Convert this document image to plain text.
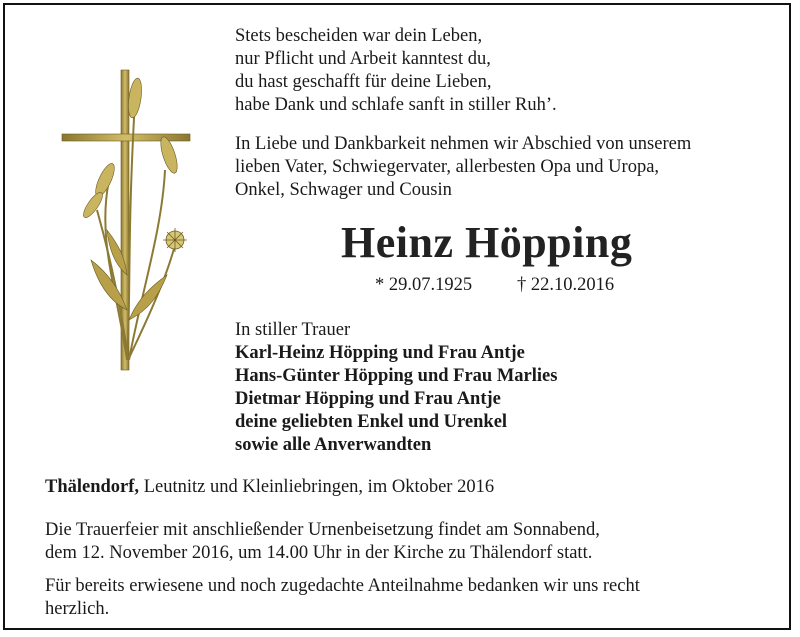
Stets bescheiden war dein Leben,
nur Pflicht und Arbeit kanntest du,
du hast geschafft für deine Lieben,
habe Dank und schlafe sanft in stiller Ruh’.
In Liebe und Dankbarkeit nehmen wir Abschied von unserem
lieben Vater, Schwiegervater, allerbesten Opa und Uropa,
Onkel, Schwager und Cousin
Heinz Höpping
* 29.07.1925 † 22.10.2016
In stiller Trauer
Karl-Heinz Höpping und Frau Antje
Hans-Günter Höpping und Frau Marlies
Dietmar Höpping und Frau Antje
deine geliebten Enkel und Urenkel
sowie alle Anverwandten
Thälendorf, Leutnitz und Kleinliebringen, im Oktober 2016
Die Trauerfeier mit anschließender Urnenbeisetzung findet am Sonnabend,
dem 12. November 2016, um 14.00 Uhr in der Kirche zu Thälendorf statt.
Für bereits erwiesene und noch zugedachte Anteilnahme bedanken wir uns recht
herzlich.
